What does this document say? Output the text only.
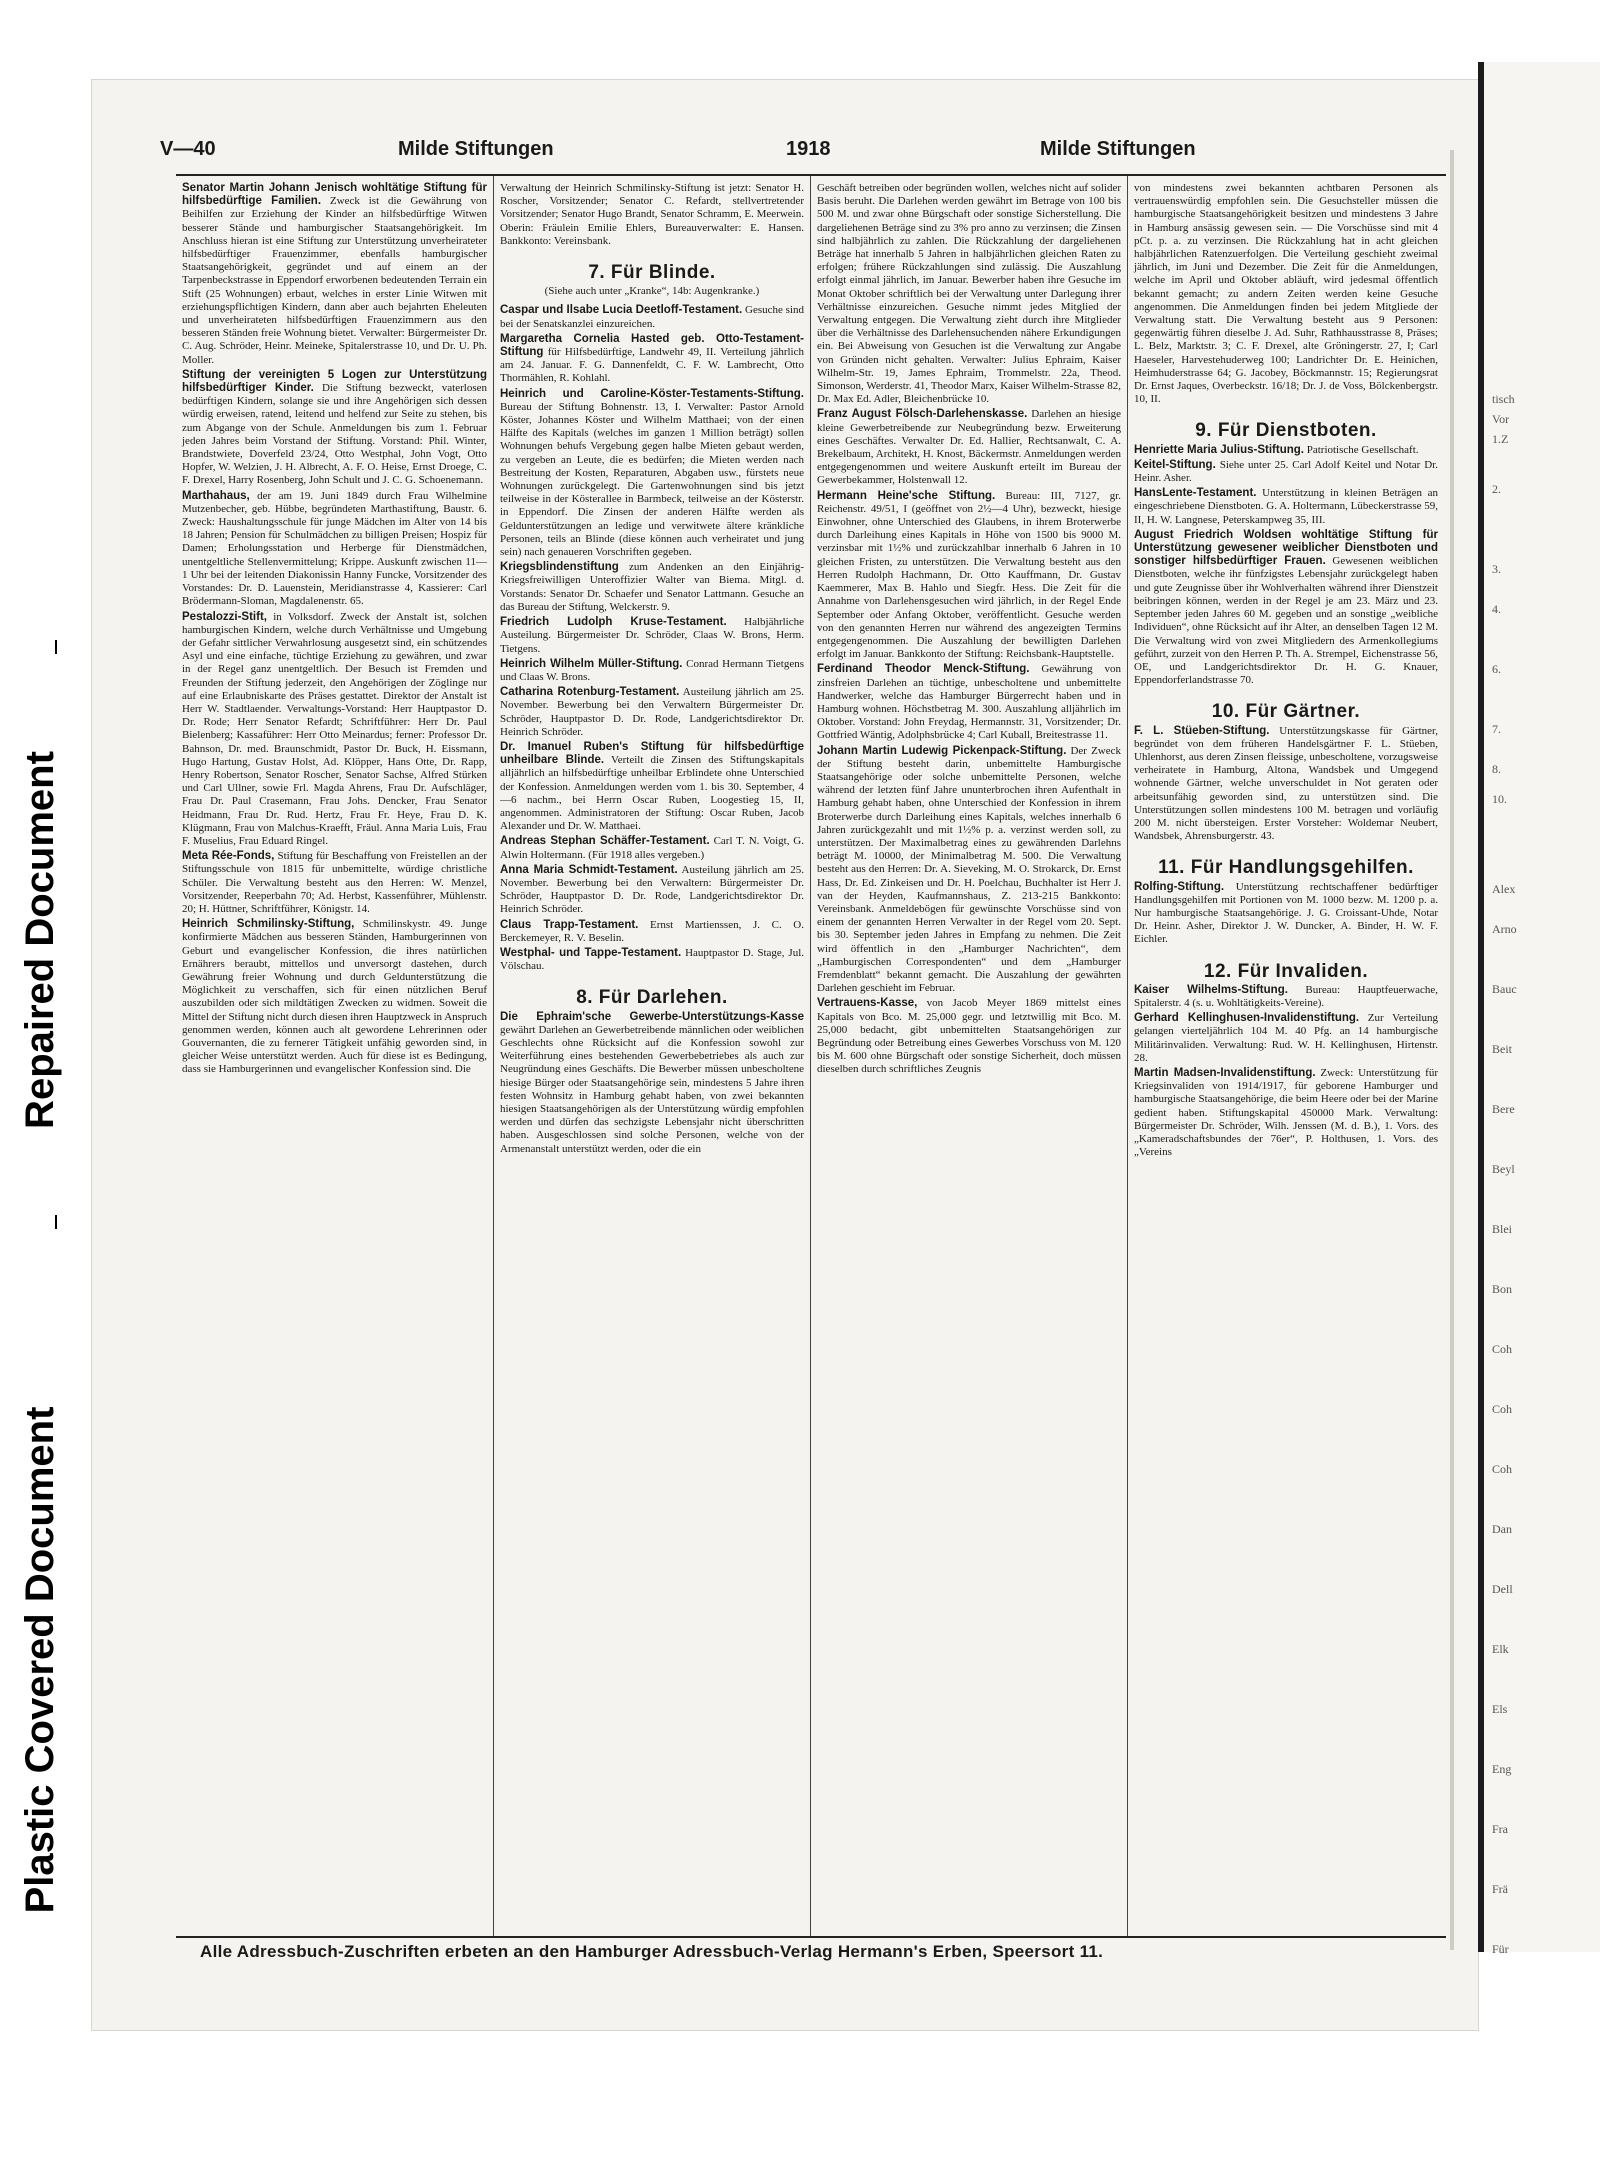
Plastic Covered Document
Repaired Document
tisch
Vor
1.Z
2.
3.
4.
6.
7.
8.
10.
Alex
Arno
Bauc
Beit
Bere
Beyl
Blei
Bon
Coh
Coh
Coh
Dan
Dell
Elk
Els
Eng
Fra
Frä
Für
V—40	Milde Stiftungen	1918	Milde Stiftungen

Senator Martin Johann Jenisch wohltätige Stiftung für hilfsbedürftige Familien. Zweck ist die Gewährung von Beihilfen zur Erziehung der Kinder an hilfsbedürftige Witwen besserer Stände und hamburgischer Staatsangehörigkeit. Im Anschluss hieran ist eine Stiftung zur Unterstützung unverheirateter hilfsbedürftiger Frauenzimmer, ebenfalls hamburgischer Staatsangehörigkeit, gegründet und auf einem an der Tarpenbeckstrasse in Eppendorf erworbenen bedeutenden Terrain ein Stift (25 Wohnungen) erbaut, welches in erster Linie Witwen mit erziehungspflichtigen Kindern, dann aber auch bejahrten Eheleuten und unverheirateten hilfsbedürftigen Frauenzimmern aus den besseren Ständen freie Wohnung bietet. Verwalter: Bürgermeister Dr. C. Aug. Schröder, Heinr. Meineke, Spitalerstrasse 10, und Dr. U. Ph. Moller.

Stiftung der vereinigten 5 Logen zur Unterstützung hilfsbedürftiger Kinder. Die Stiftung bezweckt, vaterlosen bedürftigen Kindern, solange sie und ihre Angehörigen sich dessen würdig erweisen, ratend, leitend und helfend zur Seite zu stehen, bis zum Abgange von der Schule. Anmeldungen bis zum 1. Februar jeden Jahres beim Vorstand der Stiftung. Vorstand: Phil. Winter, Brandstwiete, Doverfeld 23/24, Otto Westphal, John Vogt, Otto Hopfer, W. Welzien, J. H. Albrecht, A. F. O. Heise, Ernst Droege, C. F. Drexel, Harry Rosenberg, John Schult und J. C. G. Schoenemann.

Marthahaus, der am 19. Juni 1849 durch Frau Wilhelmine Mutzenbecher, geb. Hübbe, begründeten Marthastiftung, Baustr. 6. Zweck: Haushaltungsschule für junge Mädchen im Alter von 14 bis 18 Jahren; Pension für Schulmädchen zu billigen Preisen; Hospiz für Damen; Erholungsstation und Herberge für Dienstmädchen, unentgeltliche Stellenvermittelung; Krippe. Auskunft zwischen 11—1 Uhr bei der leitenden Diakonissin Hanny Funcke, Vorsitzender des Vorstandes: Dr. D. Lauenstein, Meridianstrasse 4, Kassierer: Carl Brödermann-Sloman, Magdalenenstr. 65.

Pestalozzi-Stift, in Volksdorf. Zweck der Anstalt ist, solchen hamburgischen Kindern, welche durch Verhältnisse und Umgebung der Gefahr sittlicher Verwahrlosung ausgesetzt sind, ein schützendes Asyl und eine einfache, tüchtige Erziehung zu gewähren, und zwar in der Regel ganz unentgeltlich. Der Besuch ist Fremden und Freunden der Stiftung jederzeit, den Angehörigen der Zöglinge nur auf eine Erlaubniskarte des Präses gestattet. Direktor der Anstalt ist Herr W. Stadtlaender. Verwaltungs-Vorstand: Herr Hauptpastor D. Dr. Rode; Herr Senator Refardt; Schriftführer: Herr Dr. Paul Bielenberg; Kassaführer: Herr Otto Meinardus; ferner: Professor Dr. Bahnson, Dr. med. Braunschmidt, Pastor Dr. Buck, H. Eissmann, Hugo Hartung, Gustav Holst, Ad. Klöpper, Hans Otte, Dr. Rapp, Henry Robertson, Senator Roscher, Senator Sachse, Alfred Stürken und Carl Ullner, sowie Frl. Magda Ahrens, Frau Dr. Aufschläger, Frau Dr. Paul Crasemann, Frau Johs. Dencker, Frau Senator Heidmann, Frau Dr. Rud. Hertz, Frau Fr. Heye, Frau D. K. Klügmann, Frau von Malchus-Kraefft, Fräul. Anna Maria Luis, Frau F. Muselius, Frau Eduard Ringel.

Meta Rée-Fonds, Stiftung für Beschaffung von Freistellen an der Stiftungsschule von 1815 für unbemittelte, würdige christliche Schüler. Die Verwaltung besteht aus den Herren: W. Menzel, Vorsitzender, Reeperbahn 70; Ad. Herbst, Kassenführer, Mühlenstr. 20; H. Hüttner, Schriftführer, Königstr. 14.

Heinrich Schmilinsky-Stiftung, Schmilinskystr. 49. Junge konfirmierte Mädchen aus besseren Ständen, Hamburgerinnen von Geburt und evangelischer Konfession, die ihres natürlichen Ernährers beraubt, mittellos und unversorgt dastehen, durch Gewährung freier Wohnung und durch Geldunterstützung die Möglichkeit zu verschaffen, sich für einen nützlichen Beruf auszubilden oder sich mildtätigen Zwecken zu widmen. Soweit die Mittel der Stiftung nicht durch diesen ihren Hauptzweck in Anspruch genommen werden, können auch alt gewordene Lehrerinnen oder Gouvernanten, die zu fernerer Tätigkeit unfähig geworden sind, in gleicher Weise unterstützt werden. Auch für diese ist es Bedingung, dass sie Hamburgerinnen und evangelischer Konfession sind. Die

Verwaltung der Heinrich Schmilinsky-Stiftung ist jetzt: Senator H. Roscher, Vorsitzender; Senator C. Refardt, stellvertretender Vorsitzender; Senator Hugo Brandt, Senator Schramm, E. Meerwein. Oberin: Fräulein Emilie Ehlers, Bureauverwalter: E. Hansen. Bankkonto: Vereinsbank.

7. Für Blinde.
(Siehe auch unter „Kranke“, 14b: Augenkranke.)

Caspar und Ilsabe Lucia Deetloff-Testament. Gesuche sind bei der Senatskanzlei einzureichen.

Margaretha Cornelia Hasted geb. Otto-Testament-Stiftung für Hilfsbedürftige, Landwehr 49, II. Verteilung jährlich am 24. Januar. F. G. Dannenfeldt, C. F. W. Lambrecht, Otto Thormählen, R. Kohlahl.

Heinrich und Caroline-Köster-Testaments-Stiftung. Bureau der Stiftung Bohnenstr. 13, I. Verwalter: Pastor Arnold Köster, Johannes Köster und Wilhelm Matthaei; von der einen Hälfte des Kapitals (welches im ganzen 1 Million beträgt) sollen Wohnungen behufs Vergebung gegen halbe Mieten gebaut werden, zu vergeben an Leute, die es bedürfen; die Mieten werden nach Bestreitung der Kosten, Reparaturen, Abgaben usw., fürstets neue Wohnungen zurückgelegt. Die Gartenwohnungen sind bis jetzt teilweise in der Kösterallee in Barmbeck, teilweise an der Kösterstr. in Eppendorf. Die Zinsen der anderen Hälfte werden als Geldunterstützungen an ledige und verwitwete ältere kränkliche Personen, teils an Blinde (diese können auch verheiratet und jung sein) nach genaueren Vorschriften gegeben.

Kriegsblindenstiftung zum Andenken an den Einjährig-Kriegsfreiwilligen Unteroffizier Walter van Biema. Mitgl. d. Vorstands: Senator Dr. Schaefer und Senator Lattmann. Gesuche an das Bureau der Stiftung, Welckerstr. 9.

Friedrich Ludolph Kruse-Testament. Halbjährliche Austeilung. Bürgermeister Dr. Schröder, Claas W. Brons, Herm. Tietgens.

Heinrich Wilhelm Müller-Stiftung. Conrad Hermann Tietgens und Claas W. Brons.

Catharina Rotenburg-Testament. Austeilung jährlich am 25. November. Bewerbung bei den Verwaltern Bürgermeister Dr. Schröder, Hauptpastor D. Dr. Rode, Landgerichtsdirektor Dr. Heinrich Schröder.

Dr. Imanuel Ruben's Stiftung für hilfsbedürftige unheilbare Blinde. Verteilt die Zinsen des Stiftungskapitals alljährlich an hilfsbedürftige unheilbar Erblindete ohne Unterschied der Konfession. Anmeldungen werden vom 1. bis 30. September, 4—6 nachm., bei Herrn Oscar Ruben, Loogestieg 15, II, angenommen. Administratoren der Stiftung: Oscar Ruben, Jacob Alexander und Dr. W. Matthaei.

Andreas Stephan Schäffer-Testament. Carl T. N. Voigt, G. Alwin Holtermann. (Für 1918 alles vergeben.)

Anna Maria Schmidt-Testament. Austeilung jährlich am 25. November. Bewerbung bei den Verwaltern: Bürgermeister Dr. Schröder, Hauptpastor D. Dr. Rode, Landgerichtsdirektor Dr. Heinrich Schröder.

Claus Trapp-Testament. Ernst Martienssen, J. C. O. Berckemeyer, R. V. Beselin.

Westphal- und Tappe-Testament. Hauptpastor D. Stage, Jul. Völschau.

8. Für Darlehen.

Die Ephraim'sche Gewerbe-Unterstützungs-Kasse gewährt Darlehen an Gewerbetreibende männlichen oder weiblichen Geschlechts ohne Rücksicht auf die Konfession sowohl zur Weiterführung eines bestehenden Gewerbebetriebes als auch zur Neugründung eines Geschäfts. Die Bewerber müssen unbescholtene hiesige Bürger oder Staatsangehörige sein, mindestens 5 Jahre ihren festen Wohnsitz in Hamburg gehabt haben, von zwei bekannten hiesigen Staatsangehörigen als der Unterstützung würdig empfohlen werden und dürfen das sechzigste Lebensjahr nicht überschritten haben. Ausgeschlossen sind solche Personen, welche von der Armenanstalt unterstützt werden, oder die ein

Geschäft betreiben oder begründen wollen, welches nicht auf solider Basis beruht. Die Darlehen werden gewährt im Betrage von 100 bis 500 M. und zwar ohne Bürgschaft oder sonstige Sicherstellung. Die dargeliehenen Beträge sind zu 3% pro anno zu verzinsen; die Zinsen sind halbjährlich zu zahlen. Die Rückzahlung der dargeliehenen Beträge hat innerhalb 5 Jahren in halbjährlichen gleichen Raten zu erfolgen; frühere Rückzahlungen sind zulässig. Die Auszahlung erfolgt einmal jährlich, im Januar. Bewerber haben ihre Gesuche im Monat Oktober schriftlich bei der Verwaltung unter Darlegung ihrer Verhältnisse einzureichen. Gesuche nimmt jedes Mitglied der Verwaltung entgegen. Die Verwaltung zieht durch ihre Mitglieder über die Verhältnisse des Darlehensuchenden nähere Erkundigungen ein. Bei Abweisung von Gesuchen ist die Verwaltung zur Angabe von Gründen nicht gehalten. Verwalter: Julius Ephraim, Kaiser Wilhelm-Str. 19, James Ephraim, Trommelstr. 22a, Theod. Simonson, Werderstr. 41, Theodor Marx, Kaiser Wilhelm-Strasse 82, Dr. Max Ed. Adler, Bleichenbrücke 10.

Franz August Fölsch-Darlehenskasse. Darlehen an hiesige kleine Gewerbetreibende zur Neubegründung bezw. Erweiterung eines Geschäftes. Verwalter Dr. Ed. Hallier, Rechtsanwalt, C. A. Brekelbaum, Architekt, H. Knost, Bäckermstr. Anmeldungen werden entgegengenommen und weitere Auskunft erteilt im Bureau der Gewerbekammer, Holstenwall 12.

Hermann Heine'sche Stiftung. Bureau: III, 7127, gr. Reichenstr. 49/51, I (geöffnet von 2½—4 Uhr), bezweckt, hiesige Einwohner, ohne Unterschied des Glaubens, in ihrem Broterwerbe durch Darleihung eines Kapitals in Höhe von 1500 bis 9000 M. verzinsbar mit 1½% und zurückzahlbar innerhalb 6 Jahren in 10 gleichen Fristen, zu unterstützen. Die Verwaltung besteht aus den Herren Rudolph Hachmann, Dr. Otto Kauffmann, Dr. Gustav Kaemmerer, Max B. Hahlo und Siegfr. Hess. Die Zeit für die Annahme von Darlehensgesuchen wird jährlich, in der Regel Ende September oder Anfang Oktober, veröffentlicht. Gesuche werden von den genannten Herren nur während des angezeigten Termins entgegengenommen. Die Auszahlung der bewilligten Darlehen erfolgt im Januar. Bankkonto der Stiftung: Reichsbank-Hauptstelle.

Ferdinand Theodor Menck-Stiftung. Gewährung von zinsfreien Darlehen an tüchtige, unbescholtene und unbemittelte Handwerker, welche das Hamburger Bürgerrecht haben und in Hamburg wohnen. Höchstbetrag M. 300. Auszahlung alljährlich im Oktober. Vorstand: John Freydag, Hermannstr. 31, Vorsitzender; Dr. Gottfried Wäntig, Adolphsbrücke 4; Carl Kuball, Breitestrasse 11.

Johann Martin Ludewig Pickenpack-Stiftung. Der Zweck der Stiftung besteht darin, unbemittelte Hamburgische Staatsangehörige oder solche unbemittelte Personen, welche während der letzten fünf Jahre ununterbrochen ihren Aufenthalt in Hamburg gehabt haben, ohne Unterschied der Konfession in ihrem Broterwerbe durch Darleihung eines Kapitals, welches innerhalb 6 Jahren zurückgezahlt und mit 1½% p. a. verzinst werden soll, zu unterstützen. Der Maximalbetrag eines zu gewährenden Darlehns beträgt M. 10000, der Minimalbetrag M. 500. Die Verwaltung besteht aus den Herren: Dr. A. Sieveking, M. O. Strokarck, Dr. Ernst Hass, Dr. Ed. Zinkeisen und Dr. H. Poelchau, Buchhalter ist Herr J. van der Heyden, Kaufmannshaus, Z. 213-215 Bankkonto: Vereinsbank. Anmeldebögen für gewünschte Vorschüsse sind von einem der genannten Herren Verwalter in der Regel vom 20. Sept. bis 30. September jeden Jahres in Empfang zu nehmen. Die Zeit wird öffentlich in den „Hamburger Nachrichten“, dem „Hamburgischen Correspondenten“ und dem „Hamburger Fremdenblatt“ bekannt gemacht. Die Auszahlung der gewährten Darlehen geschieht im Februar.

Vertrauens-Kasse, von Jacob Meyer 1869 mittelst eines Kapitals von Bco. M. 25,000 gegr. und letztwillig mit Bco. M. 25,000 bedacht, gibt unbemittelten Staatsangehörigen zur Begründung oder Betreibung eines Gewerbes Vorschuss von M. 120 bis M. 600 ohne Bürgschaft oder sonstige Sicherheit, doch müssen dieselben durch schriftliches Zeugnis

von mindestens zwei bekannten achtbaren Personen als vertrauenswürdig empfohlen sein. Die Gesuchsteller müssen die hamburgische Staatsangehörigkeit besitzen und mindestens 3 Jahre in Hamburg ansässig gewesen sein. — Die Vorschüsse sind mit 4 pCt. p. a. zu verzinsen. Die Rückzahlung hat in acht gleichen halbjährlichen Ratenzuerfolgen. Die Verteilung geschieht zweimal jährlich, im Juni und Dezember. Die Zeit für die Anmeldungen, welche im April und Oktober abläuft, wird jedesmal öffentlich bekannt gemacht; zu andern Zeiten werden keine Gesuche angenommen. Die Anmeldungen finden bei jedem Mitgliede der Verwaltung statt. Die Verwaltung besteht aus 9 Personen: gegenwärtig führen dieselbe J. Ad. Suhr, Rathhausstrasse 8, Präses; L. Belz, Marktstr. 3; C. F. Drexel, alte Gröningerstr. 27, I; Carl Haeseler, Harvestehuderweg 100; Landrichter Dr. E. Heinichen, Heimhuderstrasse 64; G. Jacobey, Böckmannstr. 15; Regierungsrat Dr. Ernst Jaques, Overbeckstr. 16/18; Dr. J. de Voss, Bölckenbergstr. 10, II.

9. Für Dienstboten.

Henriette Maria Julius-Stiftung. Patriotische Gesellschaft.

Keitel-Stiftung. Siehe unter 25. Carl Adolf Keitel und Notar Dr. Heinr. Asher.

HansLente-Testament. Unterstützung in kleinen Beträgen an eingeschriebene Dienstboten. G. A. Holtermann, Lübeckerstrasse 59, II, H. W. Langnese, Peterskampweg 35, III.

August Friedrich Woldsen wohltätige Stiftung für Unterstützung gewesener weiblicher Dienstboten und sonstiger hilfsbedürftiger Frauen. Gewesenen weiblichen Dienstboten, welche ihr fünfzigstes Lebensjahr zurückgelegt haben und gute Zeugnisse über ihr Wohlverhalten während ihrer Dienstzeit beibringen können, werden in der Regel je am 23. März und 23. September jeden Jahres 60 M. gegeben und an sonstige „weibliche Individuen“, ohne Rücksicht auf ihr Alter, an denselben Tagen 12 M. Die Verwaltung wird von zwei Mitgliedern des Armenkollegiums geführt, zurzeit von den Herren P. Th. A. Strempel, Eichenstrasse 56, OE, und Landgerichtsdirektor Dr. H. G. Knauer, Eppendorferlandstrasse 70.

10. Für Gärtner.

F. L. Stüeben-Stiftung. Unterstützungskasse für Gärtner, begründet von dem früheren Handelsgärtner F. L. Stüeben, Uhlenhorst, aus deren Zinsen fleissige, unbescholtene, vorzugsweise verheiratete in Hamburg, Altona, Wandsbek und Umgegend wohnende Gärtner, welche unverschuldet in Not geraten oder arbeitsunfähig geworden sind, zu unterstützen sind. Die Unterstützungen sollen mindestens 100 M. betragen und vorläufig 200 M. nicht übersteigen. Erster Vorsteher: Woldemar Neubert, Wandsbek, Ahrensburgerstr. 43.

11. Für Handlungsgehilfen.

Rolfing-Stiftung. Unterstützung rechtschaffener bedürftiger Handlungsgehilfen mit Portionen von M. 1000 bezw. M. 1200 p. a. Nur hamburgische Staatsangehörige. J. G. Croissant-Uhde, Notar Dr. Heinr. Asher, Direktor J. W. Duncker, A. Binder, H. W. F. Eichler.

12. Für Invaliden.

Kaiser Wilhelms-Stiftung. Bureau: Hauptfeuerwache, Spitalerstr. 4 (s. u. Wohltätigkeits-Vereine).

Gerhard Kellinghusen-Invalidenstiftung. Zur Verteilung gelangen vierteljährlich 104 M. 40 Pfg. an 14 hamburgische Militärinvaliden. Verwaltung: Rud. W. H. Kellinghusen, Hirtenstr. 28.

Martin Madsen-Invalidenstiftung. Zweck: Unterstützung für Kriegsinvaliden von 1914/1917, für geborene Hamburger und hamburgische Staatsangehörige, die beim Heere oder bei der Marine gedient haben. Stiftungskapital 450000 Mark. Verwaltung: Bürgermeister Dr. Schröder, Wilh. Jenssen (M. d. B.), 1. Vors. des „Kameradschaftsbundes der 76er“, P. Holthusen, 1. Vors. des „Vereins

Alle Adressbuch-Zuschriften erbeten an den Hamburger Adressbuch-Verlag Hermann's Erben, Speersort 11.
